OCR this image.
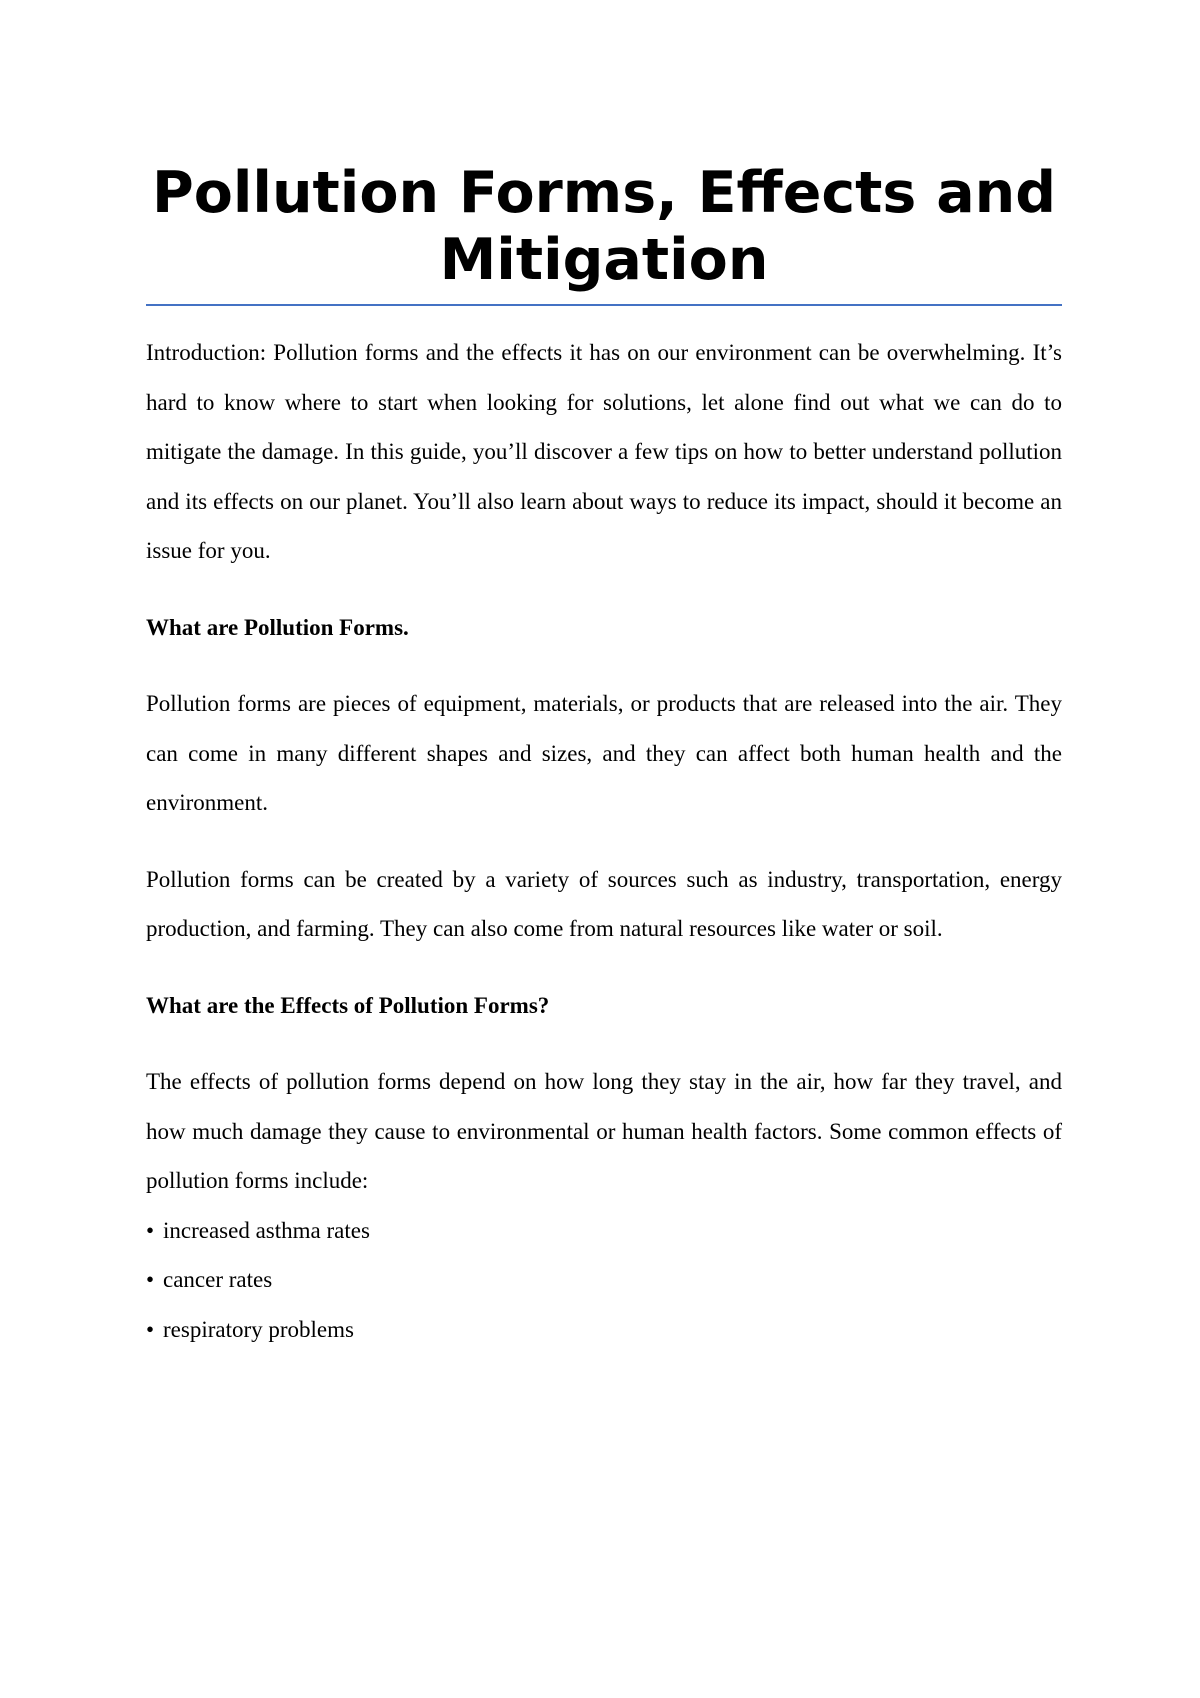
Pollution Forms, Effects and Mitigation

Introduction: Pollution forms and the effects it has on our environment can be overwhelming. It’s hard to know where to start when looking for solutions, let alone find out what we can do to mitigate the damage. In this guide, you’ll discover a few tips on how to better understand pollution and its effects on our planet. You’ll also learn about ways to reduce its impact, should it become an issue for you.

What are Pollution Forms.

Pollution forms are pieces of equipment, materials, or products that are released into the air. They can come in many different shapes and sizes, and they can affect both human health and the environment.

Pollution forms can be created by a variety of sources such as industry, transportation, energy production, and farming. They can also come from natural resources like water or soil.

What are the Effects of Pollution Forms?

The effects of pollution forms depend on how long they stay in the air, how far they travel, and how much damage they cause to environmental or human health factors. Some common effects of pollution forms include:

• increased asthma rates
• cancer rates
• respiratory problems
